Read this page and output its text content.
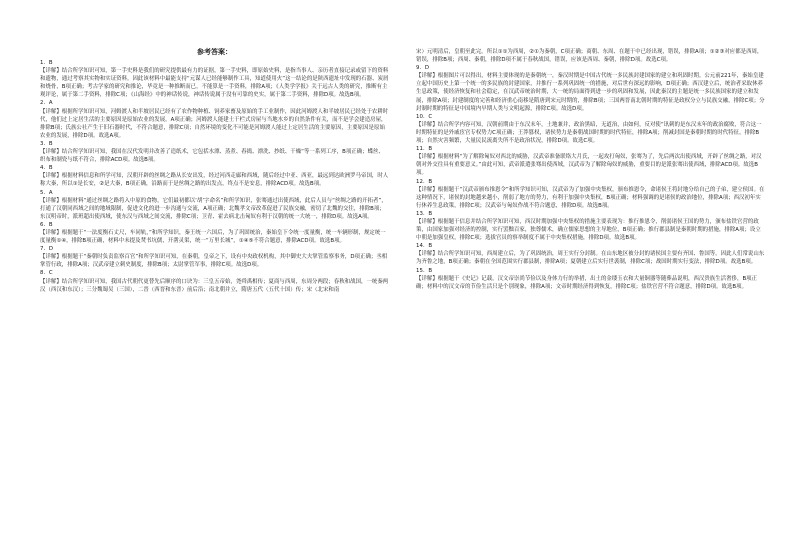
参考答案：

1．B
【详解】结合所学知识可知，第一手史料是我们的研究提供最有力的证据，第一手史料，即原始史料，是指当事人、亲历者直接记录或留下的资料和遗物，通过考察其实物和实证资料。因此该材料中最能支持“元谋人已经能够制作工具，知道使用火”这一结论的是陕西遗址中发现的石器、炭屑和烧骨，B项正确；考古学家的研究和推论，毕竟是一种推断而已，不能算是一手资料，排除A项；《人类学学报》关于远古人类的研究，推断有主观评论，属于第二手资料，排除C项；《山海经》中的神话传说，神话传说属于没有可靠的史实，属于第二手资料，排除D项。故选B项。

2．A
【详解】根据所学知识可知，河姆渡人和半坡居民已经有了农作物种植、饲养家畜及原始的手工业制作，因此河姆渡人和半坡居民已经处于农耕时代，他们过上定居生活的主要原因是原始农业的发展，A项正确；河姆渡人能建土干栏式房屋与当地水乡的自然条件有关，而不是学会建造房屋，排除B项；氏族公社产生于旧石器时代，不符合题意，排除C项；自然环境的变化不可能是河姆渡人能过上定居生活的主要原因，主要原因是原始农业的发展，排除D项。故选A项。

3．B
【详解】结合所学知识可知，我国在汉代发明并改善了造纸术，它包括水漂、蒸煮、舂捣、漂洗、抄纸、干燥“等一系列工序，B项正确；蝶丝、织布和制瓷与纸不符合，排除ACD项。故选B项。

4．B
【详解】根据材料信息和所学可知，汉朝开辟的丝绸之路从长安出发，经过河西走廊和西域，随后经过中亚、西亚，最远到达欧洲罗马帝国，时人称大秦，所以①是长安，②是大秦，B项正确，沿路而于是丝绸之路的出发点，终点不是安息，排除ACD项。故选B项。

5．A
【详解】根据材料“通过丝绸之路将入中原的食物，它们最初都以‘胡’字命名”和所学知识，张骞通过出使西域，此后人员与“丝绸之路的开拓者”，打通了汉朝同西域之间的地域限制，促进文化的进一步沟通与交流，A项正确；北魏孝文帝改革促进了民族交融，密切了北魏的交往，排除B项；东汉明帝时，派班超出使西域，使东汉与西域之间交流，排除C项；卫青、霍去病北击匈奴有利于汉朝的统一大统一，排除D项。故选A项。

6．B
【详解】根据题干“一法度衡石丈尺，车同轨，”和所学知识，秦王统一六国后，为了巩固统治，秦始皇下令统一度量衡，统一车辆形制，规定统一度量衡①④，排除B项正确，材料中未提及焚书坑儒，开凿灵渠，统一“万里长城”，①④⑤不符合题意，排除ACD项。故选B项。

7．D
【详解】根据题干“秦朝时负责监察百官”和所学知识可知，在秦朝，皇帝之下，设有中央政权机构，其中御史大夫掌管监察事务，D项正确；丞相掌管行政，排除A项；汉武帝建立刺史制度，排除B项；太尉掌管军事，排除C项。故选D项。

8．C
【详解】结合所学知识可知，我国古代朝代更替先后顺序的口诀为：三皇五帝始，尧舜禹相传；夏商与西周，东周分两段；春秋和战国，一统秦两汉（西汉和东汉）；三分魏蜀吴（三国），二晋（西晋和东晋）前后沿；南北朝并立，隋唐五代（五代十国）传；宋（北宋和南

宋）元明清后，皇朝至此完。所以①①为西周，②①为秦朝，C项正确；商朝、东周、在题干中已经出现，错误，排除A项；①②③对应都是西周，错误，排除B项；西周、秦朝，排除D项不属于春秋战国，错误，应该是西周、秦朝，排除D项。故选C项。

9．D
【详解】根据图片可以得出，材料主要体现的是秦朝统一，秦汉时期是中国古代统一多民族封建国家的建立和巩固时期。公元前221年，秦始皇建立起中国历史上第一个统一的多民族的封建国家，并推行一系列巩固统一的措施，对后世有深远的影响，D项正确；西汉建立后，统治者采取休养生息政策，使经济恢复和社会稳定，在汉武帝统治时期，大一统的局面得到进一步的巩固和发展，因此秦汉的主题是统一多民族国家的建立和发展，排除A项；封建制度的完善和经济重心南移是隋唐到宋元时期的，排除B项；三国两晋南北朝时期的特征是政权分立与民族交融，排除C项；分封制时期的特征是中国境内早期人类与文明起源，排除C项。故选D项。

10．C
【详解】结合所学内容可知，汉朝前期由于东汉末年，土地兼并，政治黑暗，无道治，由如何，反对使“讯刺的是东汉末年的政治腐败，符合这一时期特征的是外戚宦官专权势力C项正确；王莽篡权，诸侯势力是秦朝战国时期的时代特征，排除A项；削减封国是秦朝时期的时代特征，排除B项；自然灾害频繁，大量民民流离失所不是政治状况，排除D项。故选C项。

11．B
【详解】根据材料“为了解除匈奴对西北的威胁，汉武帝准备联络大月氏，一起攻打匈奴，张骞为了，先后两次出使西域，开辟了丝绸之路，对汉朝对外交往具有重要意义。”由此可知，武帝派遣张骞出使西域，汉武帝为了解除匈奴的威胁，重要目的是派张骞出使西域，排除ACD项。故选B项。

12．B
【详解】根据题干“汉武帝颁布推恩令”和所学知识可知，汉武帝为了加强中央集权，颁布推恩令，命诸侯王将封地分给自己的子弟，建立侯国。在这种情况下，诸侯的封地越来越小，削弱了地方的势力，有利于加强中央集权，B项正确；材料强调的是诸侯的政治地位，排除A项；西汉初年实行休养生息政策，排除C项；汉武帝与匈奴作战不符合题意，排除D项。故选B项。

13．B
【详解】根据题干信息并结合所学知识可知，西汉时期加强中央集权的措施主要表现为：推行推恩令，削弱诸侯王国的势力，颁布盐铁官营的政策，由国家加强对经济的控制，实行罢黜百家，独尊儒术，确立儒家思想的主导地位，B项正确；推行郡县制是秦朝时期的措施，排除A项；设立中朝是加强皇权，排除C项；选拔官员的察举制度不属于中央集权措施，排除D项。故选B项。

14．B
【详解】结合所学知识可知，西周建立后，为了巩固统治，周王实行分封制。在山东地区被分封的诸侯国主要有齐国、鲁国等。因此人们常说山东为齐鲁之地，B项正确；秦朝在全国范围实行郡县制，排除A项；夏朝建立后实行世袭制，排除C项；战国时期实行变法，排除D项。故选B项。

15．B
【详解】根据题干《史记》记载，汉文帝崇尚节俭以及身体力行的举措，出土的金缕玉衣和大量铜器等随葬品说明，西汉贵族生活奢侈，B项正确；材料中的汉文帝的节俭生活只是个别现象，排除A项；文帝时期经济得到恢复，排除C项；盐铁官营不符合题意，排除D项。故选B项。
